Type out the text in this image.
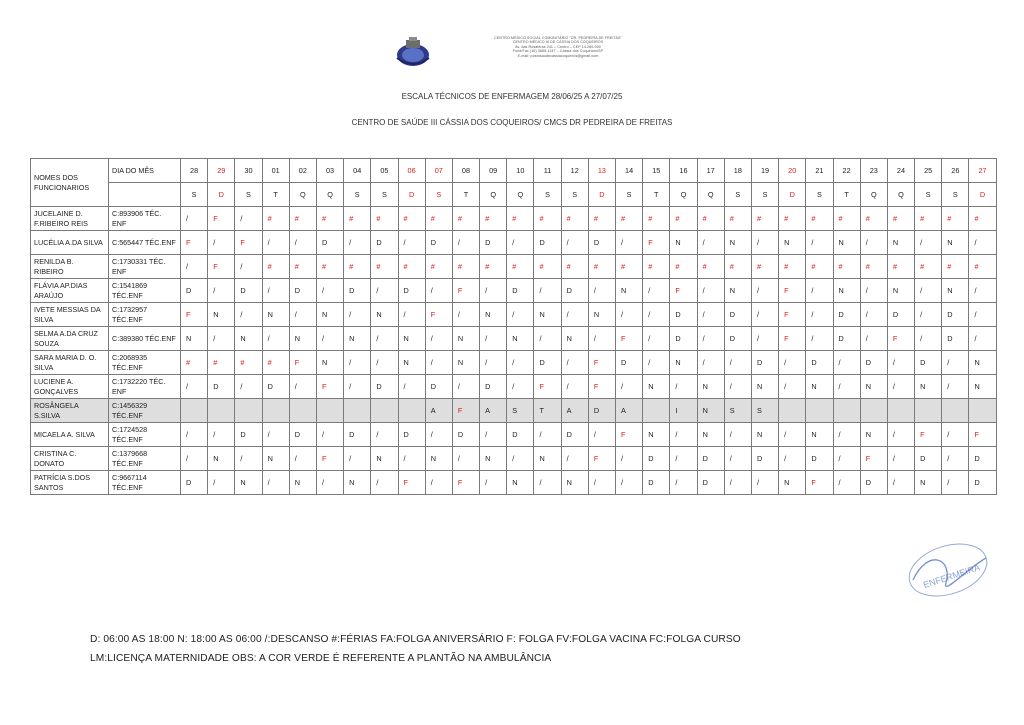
CENTRO MÉDICO SOCIAL COMUNITÁRIO "DR. PEDREIRA DE FREITAS"
CENTRO MÉDICO III DE CÁSSIA DOS COQUEIROS
Av. das Rosaléras 241 – Centro – CEP 14.260-000
Fone/Fax (16) 3665-1147 – Cássia dos Coqueiros/SP
E-mail: postosaudecassiacoqueiros@gmail.com
ESCALA TÉCNICOS DE ENFERMAGEM 28/06/25 A 27/07/25
CENTRO DE SAÚDE III CÁSSIA DOS COQUEIROS/ CMCS DR PEDREIRA DE FREITAS
NOMES DOS FUNCIONARIOS	DIA DO MÊS	28	29	30	01	02	03	04	05	06	07	08	09	10	11	12	13	14	15	16	17	18	19	20	21	22	23	24	25	26	27
		S	D	S	T	Q	Q	S	S	D	S	T	Q	Q	S	S	D	S	T	Q	Q	S	S	D	S	T	Q	Q	S	S	D
JUCELAINE D. F.RIBEIRO REIS	C:893906 TÉC. ENF	/	F	/	#	#	#	#	#	#	#	#	#	#	#	#	#	#	#	#	#	#	#	#	#	#	#	#	#	#	#
LUCÉLIA A.DA SILVA	C:565447 TÉC.ENF	F	/	F	/	/	D	/	D	/	D	/	D	/	D	/	D	/	F	N	/	N	/	N	/	N	/	N	/	N	/
RENILDA B. RIBEIRO	C:1730331 TÉC. ENF	/	F	/	#	#	#	#	#	#	#	#	#	#	#	#	#	#	#	#	#	#	#	#	#	#	#	#	#	#	#
FLÁVIA AP.DIAS ARAÚJO	C:1541869 TÉC.ENF	D	/	D	/	D	/	D	/	D	/	F	/	D	/	D	/	N	/	F	/	N	/	F	/	N	/	N	/	N	/
IVETE MESSIAS DA SILVA	C:1732957 TÉC.ENF	F	N	/	N	/	N	/	N	/	F	/	N	/	N	/	N	/	/	D	/	D	/	F	/	D	/	D	/	D	/
SELMA A.DA CRUZ SOUZA	C:389380 TÉC.ENF	N	/	N	/	N	/	N	/	N	/	N	/	N	/	N	/	F	/	D	/	D	/	F	/	D	/	F	/	D	/
SARA MARIA D. O. SILVA	C:2068935 TÉC.ENF	#	#	#	#	F	N	/	/	N	/	N	/	/	D	/	F	D	/	N	/	/	D	/	D	/	D	/	D	/	N
LUCIENE A. GONÇALVES	C:1732220 TÉC. ENF	/	D	/	D	/	F	/	D	/	D	/	D	/	F	/	F	/	N	/	N	/	N	/	N	/	N	/	N	/	N
ROSÂNGELA S.SILVA	C:1456329 TÉC.ENF										A	F	A	S	T	A	D	A		I	N	S	S								
MICAELA A. SILVA	C:1724528 TÉC.ENF	/	/	D	/	D	/	D	/	D	/	D	/	D	/	D	/	F	N	/	N	/	N	/	N	/	N	/	F	/	F
CRISTINA C. DONATO	C:1379668 TÉC.ENF	/	N	/	N	/	F	/	N	/	N	/	N	/	N	/	F	/	D	/	D	/	D	/	D	/	F	/	D	/	D
PATRÍCIA S.DOS SANTOS	C:9667114 TÉC.ENF	D	/	N	/	N	/	N	/	F	/	F	/	N	/	N	/	/	D	/	D	/	/	N	F	/	D	/	N	/	D
D: 06:00 AS 18:00 N: 18:00 AS 06:00 /:DESCANSO #:FÉRIAS FA:FOLGA ANIVERSÁRIO F: FOLGA FV:FOLGA VACINA FC:FOLGA CURSO
LM:LICENÇA MATERNIDADE OBS: A COR VERDE É REFERENTE A PLANTÃO NA AMBULÂNCIA
ENFERMEIRA
